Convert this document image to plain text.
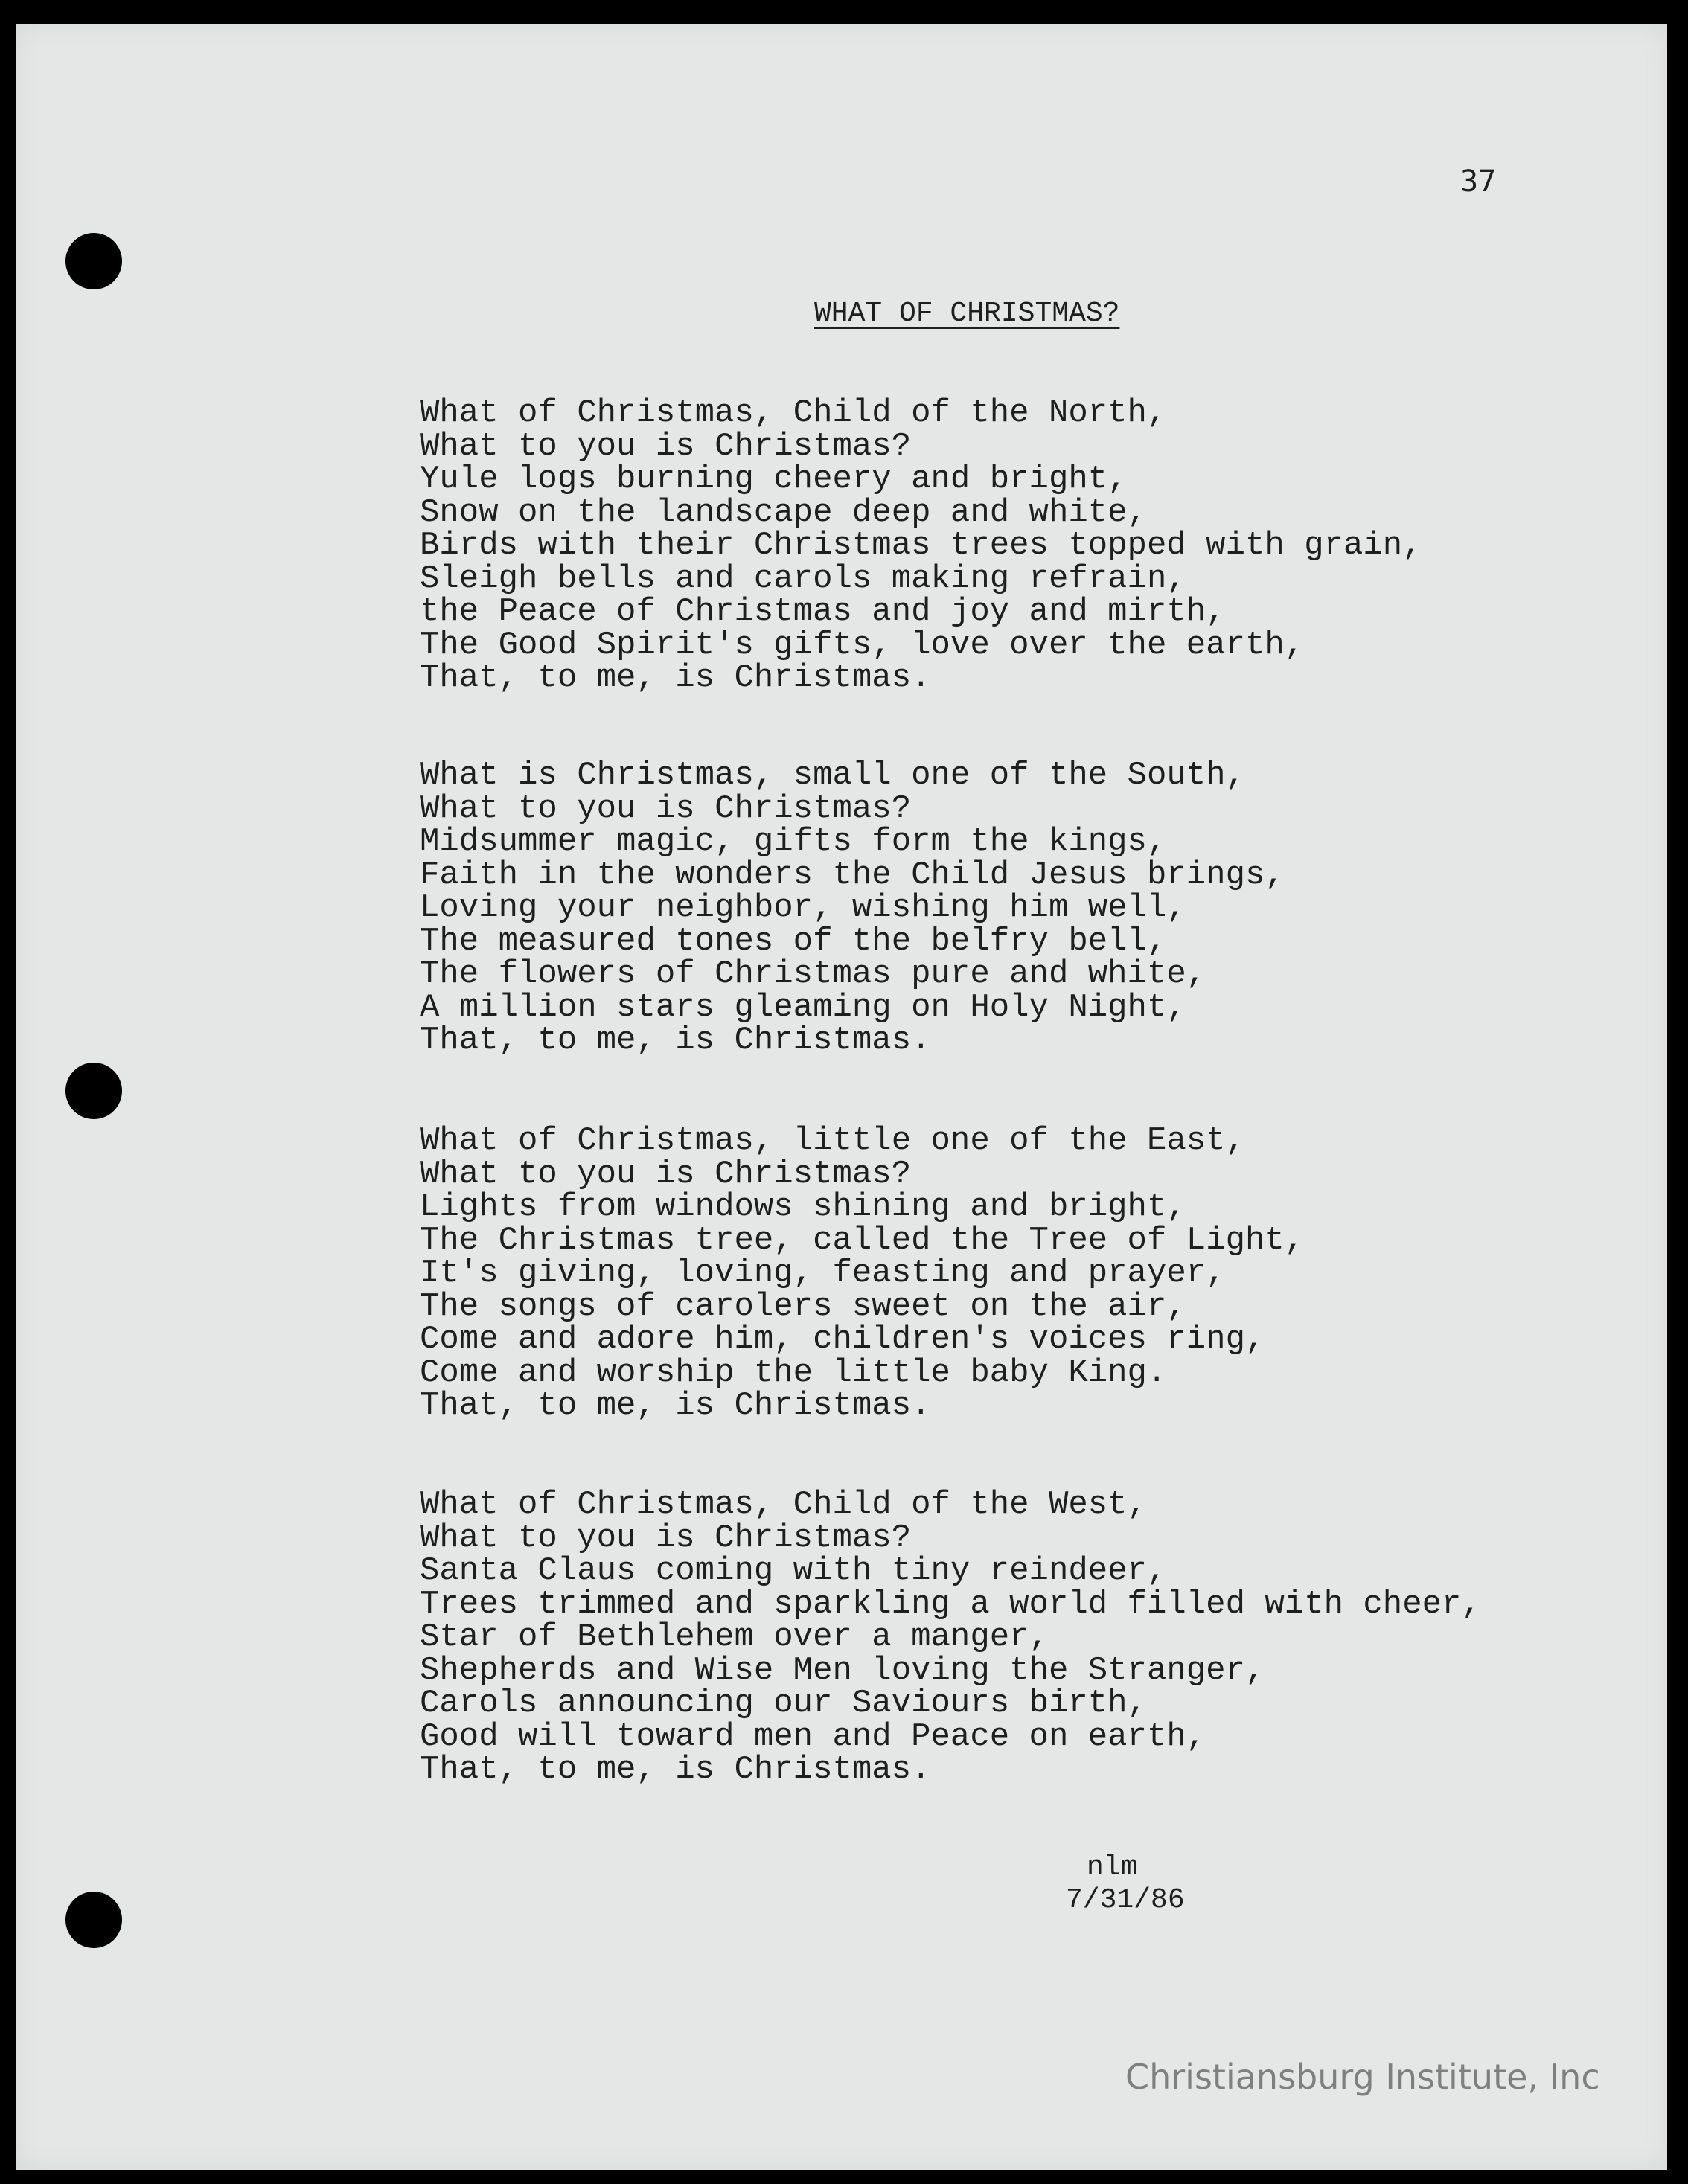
37
WHAT OF CHRISTMAS?
What of Christmas, Child of the North,
What to you is Christmas?
Yule logs burning cheery and bright,
Snow on the landscape deep and white,
Birds with their Christmas trees topped with grain,
Sleigh bells and carols making refrain,
the Peace of Christmas and joy and mirth,
The Good Spirit's gifts, love over the earth,
That, to me, is Christmas.
What is Christmas, small one of the South,
What to you is Christmas?
Midsummer magic, gifts form the kings,
Faith in the wonders the Child Jesus brings,
Loving your neighbor, wishing him well,
The measured tones of the belfry bell,
The flowers of Christmas pure and white,
A million stars gleaming on Holy Night,
That, to me, is Christmas.
What of Christmas, little one of the East,
What to you is Christmas?
Lights from windows shining and bright,
The Christmas tree, called the Tree of Light,
It's giving, loving, feasting and prayer,
The songs of carolers sweet on the air,
Come and adore him, children's voices ring,
Come and worship the little baby King.
That, to me, is Christmas.
What of Christmas, Child of the West,
What to you is Christmas?
Santa Claus coming with tiny reindeer,
Trees trimmed and sparkling a world filled with cheer,
Star of Bethlehem over a manger,
Shepherds and Wise Men loving the Stranger,
Carols announcing our Saviours birth,
Good will toward men and Peace on earth,
That, to me, is Christmas.
nlm
7/31/86
Christiansburg Institute, Inc
